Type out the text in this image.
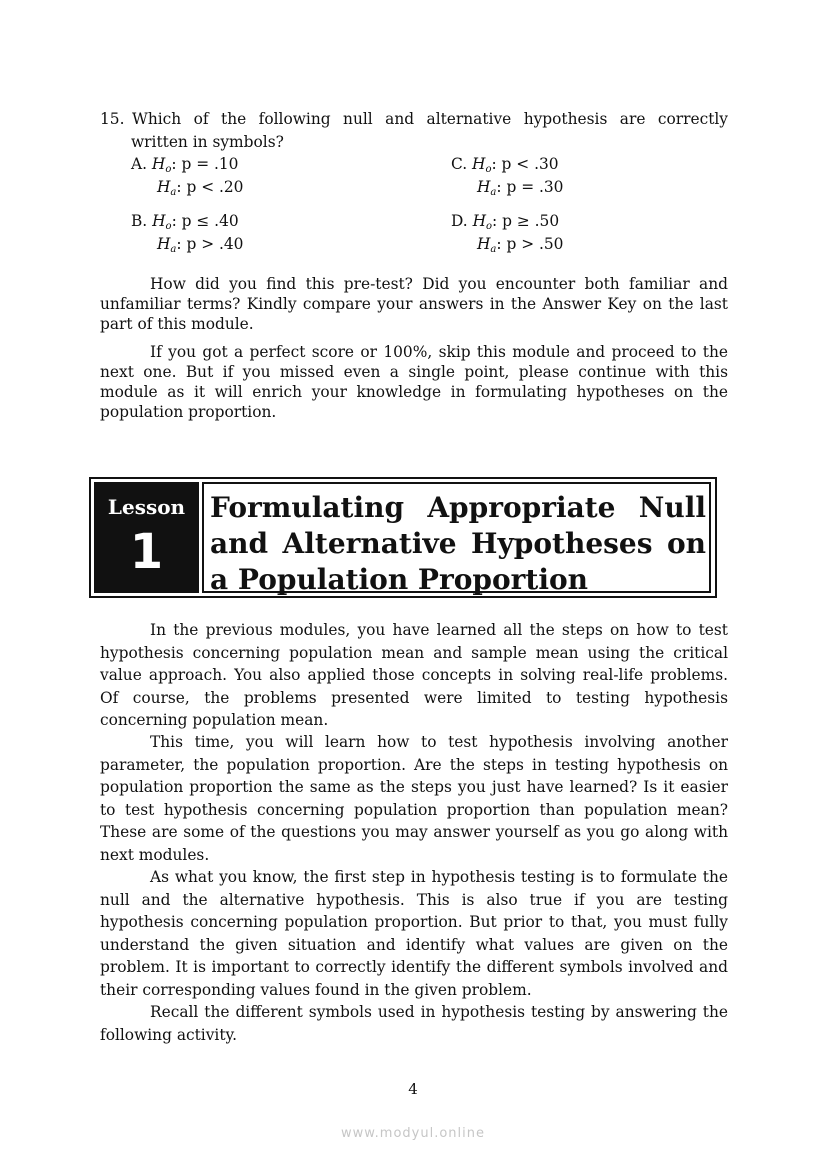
15. Which of the following null and alternative hypothesis are correctly
written in symbols?
A. $H_o$: p = .10
$H_a$: p < .20
C. $H_o$: p < .30
$H_a$: p = .30
B. $H_o$: p ≤ .40
$H_a$: p > .40
D. $H_o$: p ≥ .50
$H_a$: p > .50
How did you find this pre-test? Did you encounter both familiar and unfamiliar terms? Kindly compare your answers in the Answer Key on the last part of this module.
If you got a perfect score or 100%, skip this module and proceed to the next one. But if you missed even a single point, please continue with this module as it will enrich your knowledge in formulating hypotheses on the population proportion.
Lesson
1
Formulating Appropriate Null and Alternative Hypotheses on a Population Proportion
In the previous modules, you have learned all the steps on how to test hypothesis concerning population mean and sample mean using the critical value approach. You also applied those concepts in solving real-life problems. Of course, the problems presented were limited to testing hypothesis concerning population mean.
This time, you will learn how to test hypothesis involving another parameter, the population proportion. Are the steps in testing hypothesis on population proportion the same as the steps you just have learned? Is it easier to test hypothesis concerning population proportion than population mean? These are some of the questions you may answer yourself as you go along with next modules.
As what you know, the first step in hypothesis testing is to formulate the null and the alternative hypothesis. This is also true if you are testing hypothesis concerning population proportion. But prior to that, you must fully understand the given situation and identify what values are given on the problem. It is important to correctly identify the different symbols involved and their corresponding values found in the given problem.
Recall the different symbols used in hypothesis testing by answering the following activity.
4
www.modyul.online
